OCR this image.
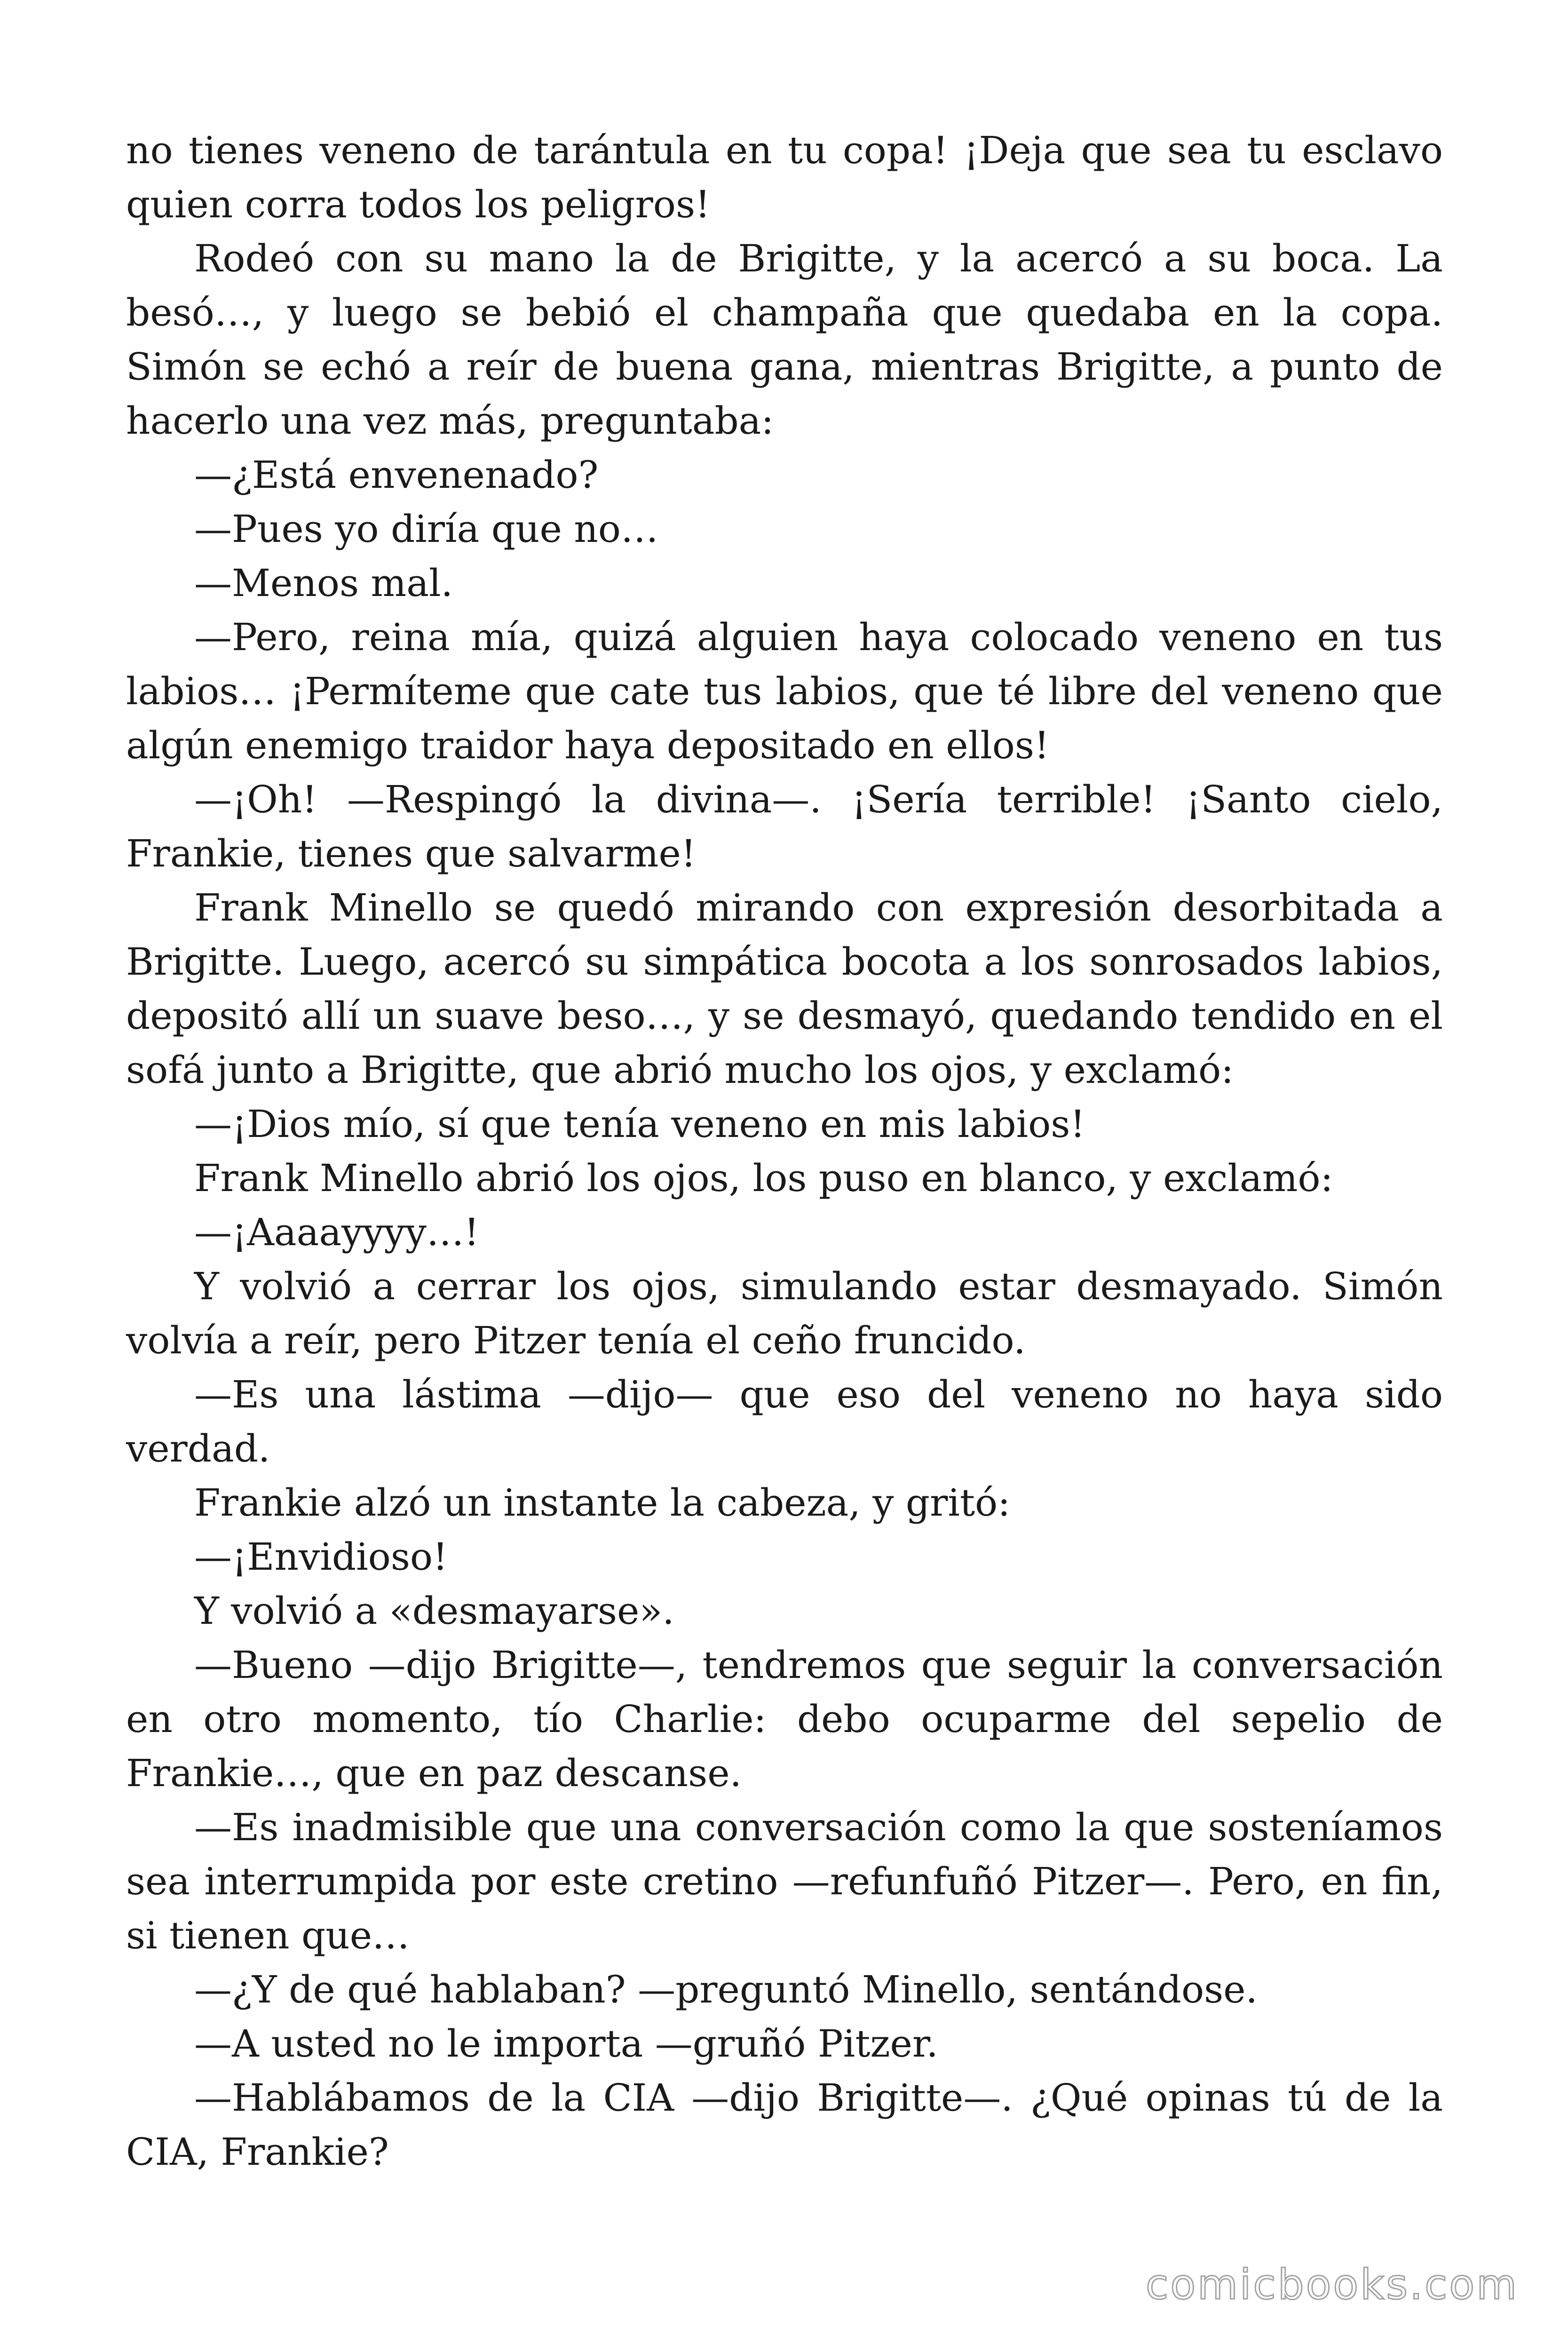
no tienes veneno de tarántula en tu copa! ¡Deja que sea tu esclavo quien corra todos los peligros!

Rodeó con su mano la de Brigitte, y la acercó a su boca. La besó…, y luego se bebió el champaña que quedaba en la copa. Simón se echó a reír de buena gana, mientras Brigitte, a punto de hacerlo una vez más, preguntaba:

—¿Está envenenado?

—Pues yo diría que no…

—Menos mal.

—Pero, reina mía, quizá alguien haya colocado veneno en tus labios… ¡Permíteme que cate tus labios, que té libre del veneno que algún enemigo traidor haya depositado en ellos!

—¡Oh! —Respingó la divina—. ¡Sería terrible! ¡Santo cielo, Frankie, tienes que salvarme!

Frank Minello se quedó mirando con expresión desorbitada a Brigitte. Luego, acercó su simpática bocota a los sonrosados labios, depositó allí un suave beso…, y se desmayó, quedando tendido en el sofá junto a Brigitte, que abrió mucho los ojos, y exclamó:

—¡Dios mío, sí que tenía veneno en mis labios!

Frank Minello abrió los ojos, los puso en blanco, y exclamó:

—¡Aaaayyyy…!

Y volvió a cerrar los ojos, simulando estar desmayado. Simón volvía a reír, pero Pitzer tenía el ceño fruncido.

—Es una lástima —dijo— que eso del veneno no haya sido verdad.

Frankie alzó un instante la cabeza, y gritó:

—¡Envidioso!

Y volvió a «desmayarse».

—Bueno —dijo Brigitte—, tendremos que seguir la conversación en otro momento, tío Charlie: debo ocuparme del sepelio de Frankie…, que en paz descanse.

—Es inadmisible que una conversación como la que sosteníamos sea interrumpida por este cretino —refunfuñó Pitzer—. Pero, en fin, si tienen que…

—¿Y de qué hablaban? —preguntó Minello, sentándose.

—A usted no le importa —gruñó Pitzer.

—Hablábamos de la CIA —dijo Brigitte—. ¿Qué opinas tú de la CIA, Frankie?

comicbooks.com
